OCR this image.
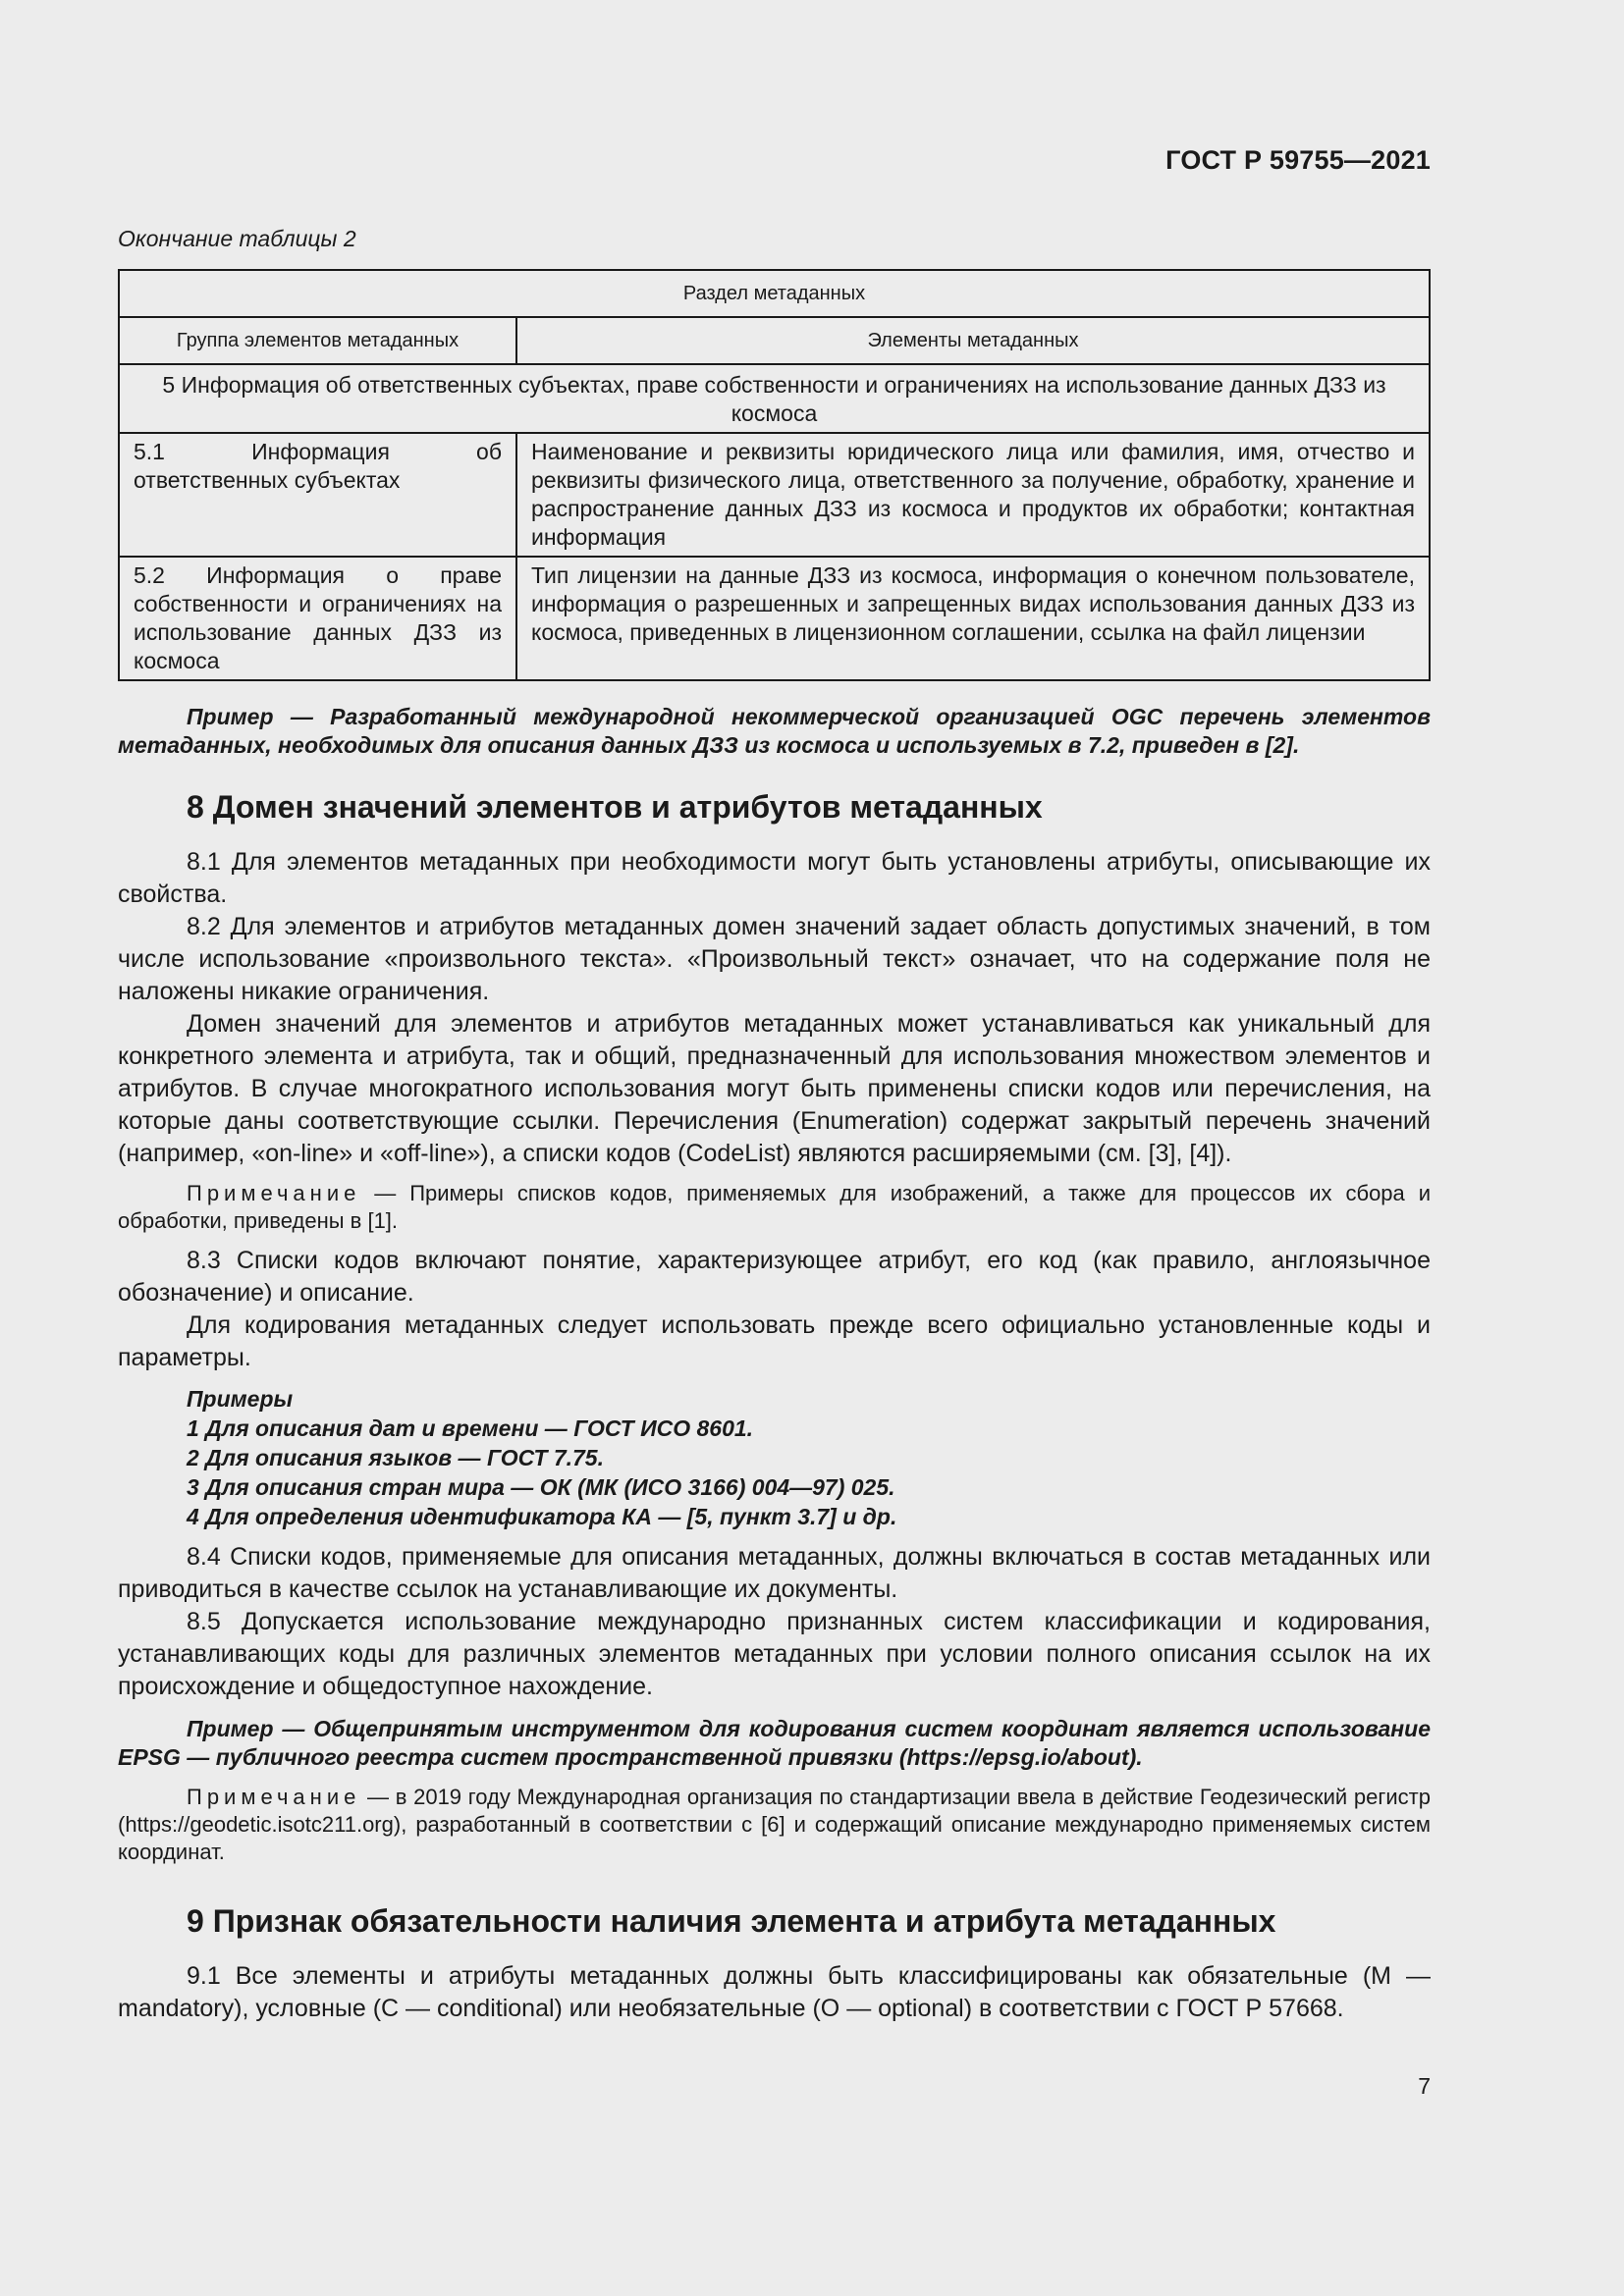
ГОСТ Р 59755—2021
Окончание таблицы 2
Раздел метаданных	
Группа элементов метаданных	Элементы метаданных
5 Информация об ответственных субъектах, праве собственности и ограничениях на использование данных ДЗЗ из космоса	
5.1 Информация об ответственных субъектах	Наименование и реквизиты юридического лица или фамилия, имя, отчество и реквизиты физического лица, ответственного за получение, обработку, хранение и распространение данных ДЗЗ из космоса и продуктов их обработки; контактная информация
5.2 Информация о праве собственности и ограничениях на использование данных ДЗЗ из космоса	Тип лицензии на данные ДЗЗ из космоса, информация о конечном пользователе, информация о разрешенных и запрещенных видах использования данных ДЗЗ из космоса, приведенных в лицензионном соглашении, ссылка на файл лицензии

Пример — Разработанный международной некоммерческой организацией OGC перечень элементов метаданных, необходимых для описания данных ДЗЗ из космоса и используемых в 7.2, приведен в [2].

8 Домен значений элементов и атрибутов метаданных

8.1 Для элементов метаданных при необходимости могут быть установлены атрибуты, описывающие их свойства.

8.2 Для элементов и атрибутов метаданных домен значений задает область допустимых значений, в том числе использование «произвольного текста». «Произвольный текст» означает, что на содержание поля не наложены никакие ограничения.

Домен значений для элементов и атрибутов метаданных может устанавливаться как уникальный для конкретного элемента и атрибута, так и общий, предназначенный для использования множеством элементов и атрибутов. В случае многократного использования могут быть применены списки кодов или перечисления, на которые даны соответствующие ссылки. Перечисления (Enumeration) содержат закрытый перечень значений (например, «on-line» и «off-line»), а списки кодов (CodeList) являются расширяемыми (см. [3], [4]).

Примечание — Примеры списков кодов, применяемых для изображений, а также для процессов их сбора и обработки, приведены в [1].

8.3 Списки кодов включают понятие, характеризующее атрибут, его код (как правило, англоязычное обозначение) и описание.

Для кодирования метаданных следует использовать прежде всего официально установленные коды и параметры.

Примеры
1 Для описания дат и времени — ГОСТ ИСО 8601.
2 Для описания языков — ГОСТ 7.75.
3 Для описания стран мира — ОК (МК (ИСО 3166) 004—97) 025.
4 Для определения идентификатора КА — [5, пункт 3.7] и др.

8.4 Списки кодов, применяемые для описания метаданных, должны включаться в состав метаданных или приводиться в качестве ссылок на устанавливающие их документы.

8.5 Допускается использование международно признанных систем классификации и кодирования, устанавливающих коды для различных элементов метаданных при условии полного описания ссылок на их происхождение и общедоступное нахождение.

Пример — Общепринятым инструментом для кодирования систем координат является использование EPSG — публичного реестра систем пространственной привязки (https://epsg.io/about).

Примечание — в 2019 году Международная организация по стандартизации ввела в действие Геодезический регистр (https://geodetic.isotc211.org), разработанный в соответствии с [6] и содержащий описание международно применяемых систем координат.

9 Признак обязательности наличия элемента и атрибута метаданных

9.1 Все элементы и атрибуты метаданных должны быть классифицированы как обязательные (M — mandatory), условные (C — conditional) или необязательные (O — optional) в соответствии с ГОСТ Р 57668.

7
